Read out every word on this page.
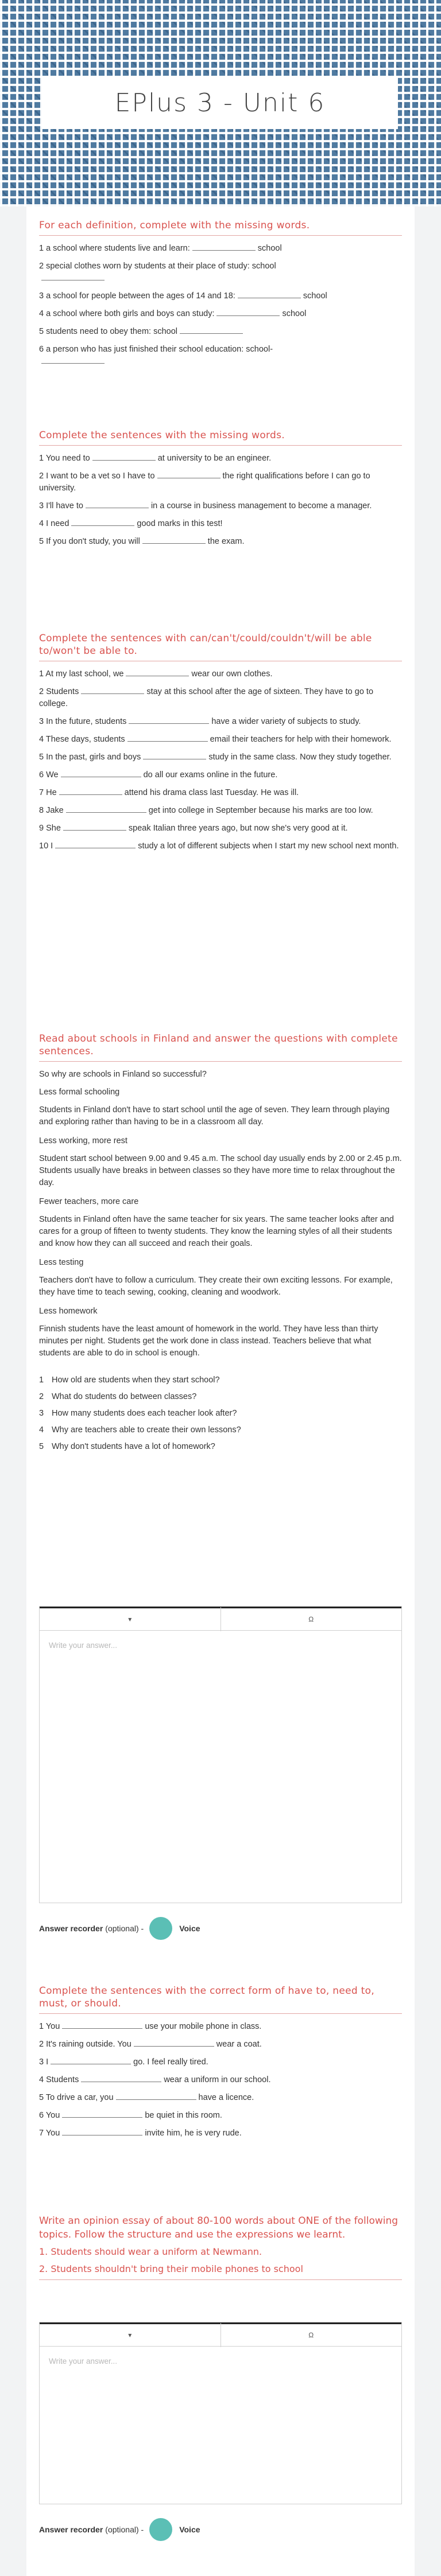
EPlus 3 - Unit 6
For each definition, complete with the missing words.
1 a school where students live and learn:	school
2 special clothes worn by students at their place of study: school

3 a school for people between the ages of 14 and 18:	school
4 a school where both girls and boys can study:	school
5 students need to obey them: school
6 a person who has just finished their school education: school-

Complete the sentences with the missing words.
1 You need to	at university to be an engineer.
2 I want to be a vet so I have to	the right qualifications before I can go to university.
3 I'll have to	in a course in business management to become a manager.
4 I need	good marks in this test!
5 If you don't study, you will	the exam.
Complete the sentences with can/can't/could/couldn't/will be able to/won't be able to.
1 At my last school, we	wear our own clothes.
2 Students	stay at this school after the age of sixteen. They have to go to college.
3 In the future, students	have a wider variety of subjects to study.
4 These days, students	email their teachers for help with their homework.
5 In the past, girls and boys	study in the same class. Now they study together.
6 We	do all our exams online in the future.
7 He	attend his drama class last Tuesday. He was ill.
8 Jake	get into college in September because his marks are too low.
9 She	speak Italian three years ago, but now she's very good at it.
10 I	study a lot of different subjects when I start my new school next month.
Read about schools in Finland and answer the questions with complete sentences.
So why are schools in Finland so successful?
Less formal schooling
Students in Finland don't have to start school until the age of seven. They learn through playing and exploring rather than having to be in a classroom all day.
Less working, more rest
Student start school between 9.00 and 9.45 a.m. The school day usually ends by 2.00 or 2.45 p.m. Students usually have breaks in between classes so they have more time to relax throughout the day.
Fewer teachers, more care
Students in Finland often have the same teacher for six years. The same teacher looks after and cares for a group of fifteen to twenty students. They know the learning styles of all their students and know how they can all succeed and reach their goals.
Less testing
Teachers don't have to follow a curriculum. They create their own exciting lessons. For example, they have time to teach sewing, cooking, cleaning and woodwork.
Less homework
Finnish students have the least amount of homework in the world. They have less than thirty minutes per night. Students get the work done in class instead. Teachers believe that what students are able to do in school is enough.
1 How old are students when they start school?
2 What do students do between classes?
3 How many students does each teacher look after?
4 Why are teachers able to create their own lessons?
5 Why don't students have a lot of homework?
▾	Ω
Write your answer...
Answer recorder (optional) -	Voice
Complete the sentences with the correct form of have to, need to, must, or should.
1 You	use your mobile phone in class.
2 It's raining outside. You	wear a coat.
3 I	go. I feel really tired.
4 Students	wear a uniform in our school.
5 To drive a car, you	have a licence.
6 You	be quiet in this room.
7 You	invite him, he is very rude.
Write an opinion essay of about 80-100 words about ONE of the following topics. Follow the structure and use the expressions we learnt.
1. Students should wear a uniform at Newmann.
2. Students shouldn't bring their mobile phones to school
▾	Ω
Write your answer...
Answer recorder (optional) -	Voice
